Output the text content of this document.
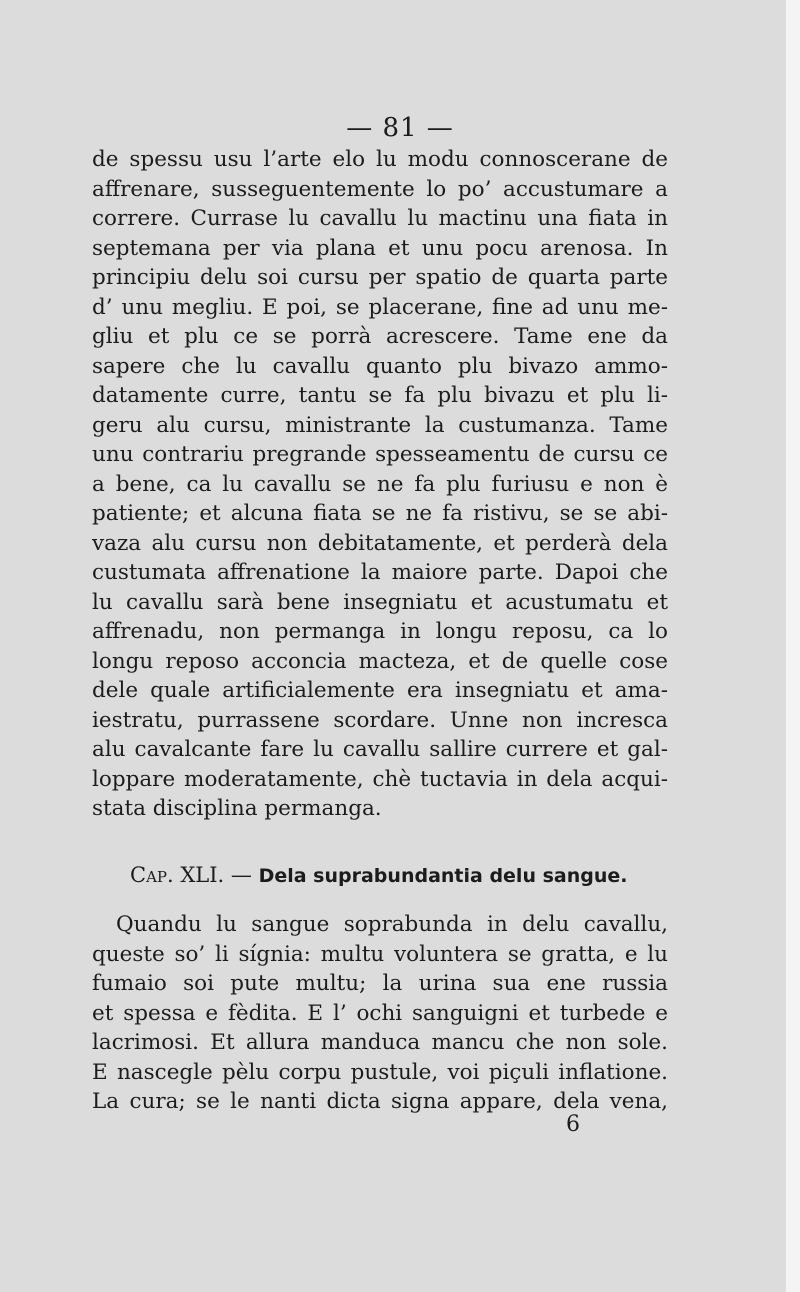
— 81 —
de spessu usu l’arte elo lu modu connoscerane de
affrenare, susseguentemente lo po’ accustumare a
correre. Currase lu cavallu lu mactinu una fiata in
septemana per via plana et unu pocu arenosa. In
principiu delu soi cursu per spatio de quarta parte
d’ unu megliu. E poi, se placerane, fine ad unu me-
gliu et plu ce se porrà acrescere. Tame ene da
sapere che lu cavallu quanto plu bivazo ammo-
datamente curre, tantu se fa plu bivazu et plu li-
geru alu cursu, ministrante la custumanza. Tame
unu contrariu pregrande spesseamentu de cursu ce
a bene, ca lu cavallu se ne fa plu furiusu e non è
patiente; et alcuna fiata se ne fa ristivu, se se abi-
vaza alu cursu non debitatamente, et perderà dela
custumata affrenatione la maiore parte. Dapoi che
lu cavallu sarà bene insegniatu et acustumatu et
affrenadu, non permanga in longu reposu, ca lo
longu reposo acconcia macteza, et de quelle cose
dele quale artificialemente era insegniatu et ama-
iestratu, purrassene scordare. Unne non incresca
alu cavalcante fare lu cavallu sallire currere et gal-
loppare moderatamente, chè tuctavia in dela acqui-
stata disciplina permanga.
Cap. XLI. — Dela suprabundantia delu sangue.
Quandu lu sangue soprabunda in delu cavallu,
queste so’ li sígnia: multu voluntera se gratta, e lu
fumaio soi pute multu; la urina sua ene russia
et spessa e fèdita. E l’ ochi sanguigni et turbede e
lacrimosi. Et allura manduca mancu che non sole.
E nascegle pèlu corpu pustule, voi piçuli inflatione.
La cura; se le nanti dicta signa appare, dela vena,
6
